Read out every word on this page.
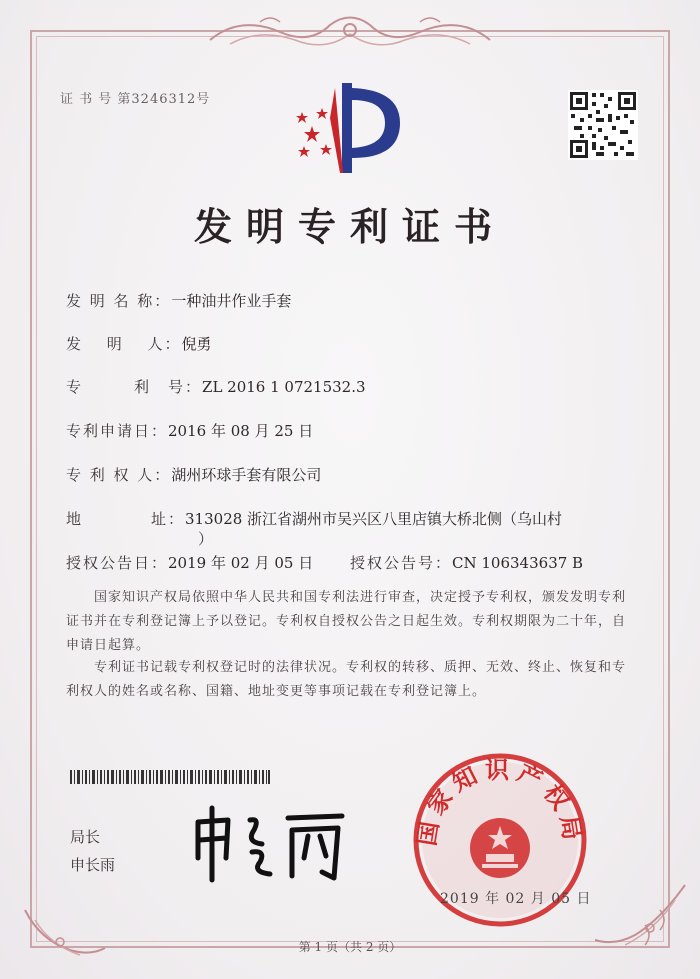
证 书 号 第3246312号
发明专利证书
发 明 名 称：一种油井作业手套
发　 明　 人：倪勇
专　　　利　号：ZL 2016 1 0721532.3
专利申请日：2016 年 08 月 25 日
专 利 权 人：湖州环球手套有限公司
地　　　　址：313028 浙江省湖州市吴兴区八里店镇大桥北侧（乌山村
）
授权公告日：2019 年 02 月 05 日 授权公告号：CN 106343637 B
　　国家知识产权局依照中华人民共和国专利法进行审查，决定授予专利权，颁发发明专利证书并在专利登记簿上予以登记。专利权自授权公告之日起生效。专利权期限为二十年，自申请日起算。
　　专利证书记载专利权登记时的法律状况。专利权的转移、质押、无效、终止、恢复和专利权人的姓名或名称、国籍、地址变更等事项记载在专利登记簿上。
局长
申长雨
国家知识产权局
2019 年 02 月 05 日
第 1 页（共 2 页）
